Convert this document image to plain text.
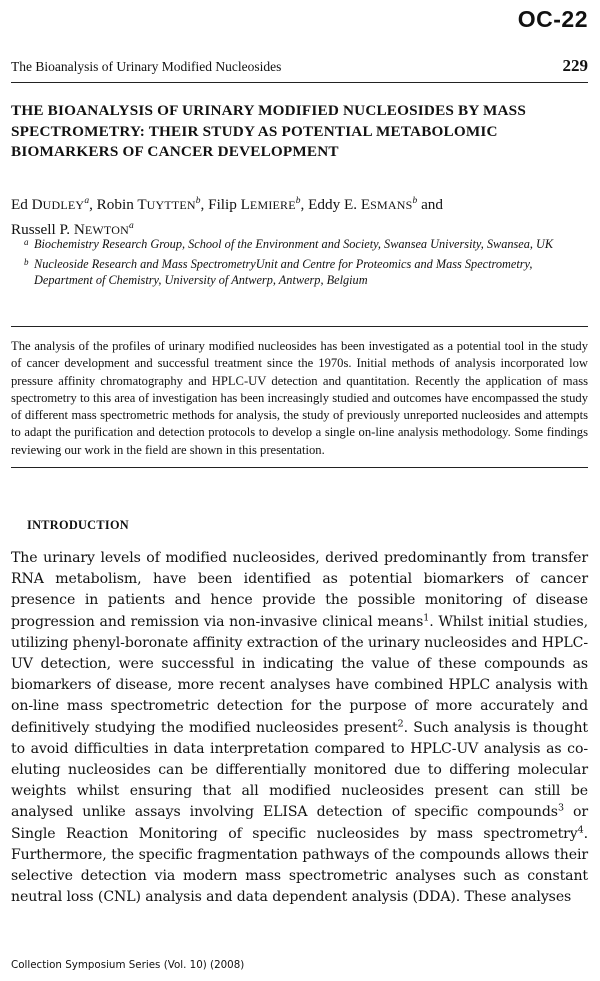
OC-22
The Bioanalysis of Urinary Modified Nucleosides	229
THE BIOANALYSIS OF URINARY MODIFIED NUCLEOSIDES BY MASS SPECTROMETRY: THEIR STUDY AS POTENTIAL METABOLOMIC BIOMARKERS OF CANCER DEVELOPMENT
Ed DUDLEY$^a$, Robin TUYTTEN$^b$, Filip LEMIERE$^b$, Eddy E. ESMANS$^b$ and
Russell P. NEWTON$^a$
a Biochemistry Research Group, School of the Environment and Society, Swansea University, Swansea, UK
b Nucleoside Research and Mass SpectrometryUnit and Centre for Proteomics and Mass Spectrometry, Department of Chemistry, University of Antwerp, Antwerp, Belgium
The analysis of the profiles of urinary modified nucleosides has been investigated as a potential tool in the study of cancer development and successful treatment since the 1970s. Initial methods of analysis incorporated low pressure affinity chromatography and HPLC-UV detection and quantitation. Recently the application of mass spectrometry to this area of investigation has been increasingly studied and outcomes have encompassed the study of different mass spectrometric methods for analysis, the study of previously unreported nucleosides and attempts to adapt the purification and detection protocols to develop a single on-line analysis methodology. Some findings reviewing our work in the field are shown in this presentation.
INTRODUCTION
The urinary levels of modified nucleosides, derived predominantly from transfer RNA metabolism, have been identified as potential biomarkers of cancer presence in patients and hence provide the possible monitoring of disease progression and remission via non-invasive clinical means$^1$. Whilst initial studies, utilizing phenyl-boronate affinity extraction of the urinary nucleosides and HPLC-UV detection, were successful in indicating the value of these compounds as biomarkers of disease, more recent analyses have combined HPLC analysis with on-line mass spectrometric detection for the purpose of more accurately and definitively studying the modified nucleosides present$^2$. Such analysis is thought to avoid difficulties in data interpretation compared to HPLC-UV analysis as co-eluting nucleosides can be differentially monitored due to differing molecular weights whilst ensuring that all modified nucleosides present can still be analysed unlike assays involving ELISA detection of specific compounds$^3$ or Single Reaction Monitoring of specific nucleosides by mass spectrometry$^4$. Furthermore, the specific fragmentation pathways of the compounds allows their selective detection via modern mass spectrometric analyses such as constant neutral loss (CNL) analysis and data dependent analysis (DDA). These analyses
Collection Symposium Series (Vol. 10) (2008)
